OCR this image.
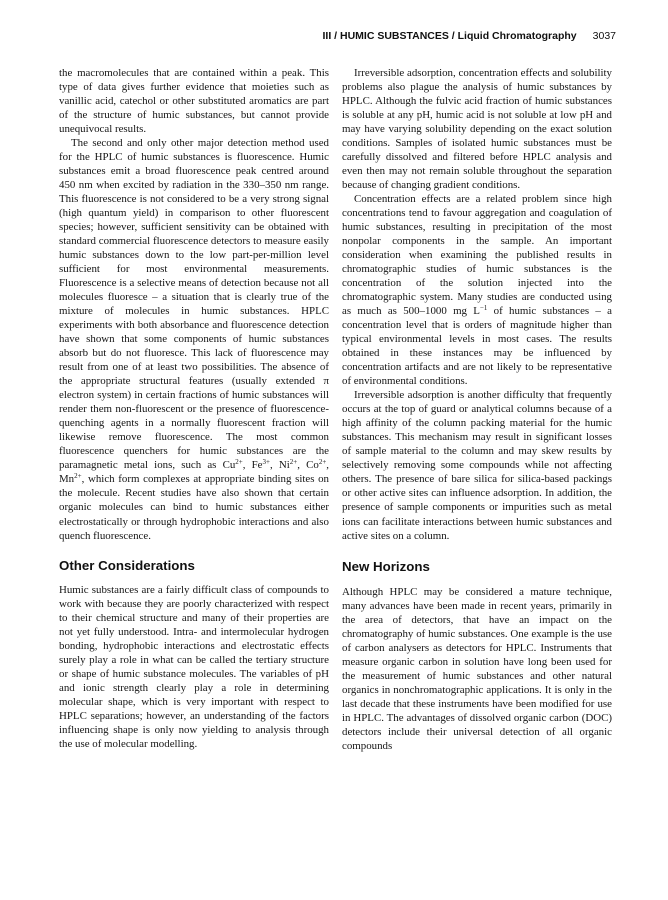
III / HUMIC SUBSTANCES / Liquid Chromatography 3037

the macromolecules that are contained within a peak. This type of data gives further evidence that moieties such as vanillic acid, catechol or other substituted aromatics are part of the structure of humic substances, but cannot provide unequivocal results.

The second and only other major detection method used for the HPLC of humic substances is fluorescence. Humic substances emit a broad fluorescence peak centred around 450 nm when excited by radiation in the 330–350 nm range. This fluorescence is not considered to be a very strong signal (high quantum yield) in comparison to other fluorescent species; however, sufficient sensitivity can be obtained with standard commercial fluorescence detectors to measure easily humic substances down to the low part-per-million level sufficient for most environmental measurements. Fluorescence is a selective means of detection because not all molecules fluoresce – a situation that is clearly true of the mixture of molecules in humic substances. HPLC experiments with both absorbance and fluorescence detection have shown that some components of humic substances absorb but do not fluoresce. This lack of fluorescence may result from one of at least two possibilities. The absence of the appropriate structural features (usually extended π electron system) in certain fractions of humic substances will render them non-fluorescent or the presence of fluorescence-quenching agents in a normally fluorescent fraction will likewise remove fluorescence. The most common fluorescence quenchers for humic substances are the paramagnetic metal ions, such as $Cu^{2+}$, $Fe^{3+}$, $Ni^{2+}$, $Co^{2+}$, $Mn^{2+}$, which form complexes at appropriate binding sites on the molecule. Recent studies have also shown that certain organic molecules can bind to humic substances either electrostatically or through hydrophobic interactions and also quench fluorescence.

Other Considerations

Humic substances are a fairly difficult class of compounds to work with because they are poorly characterized with respect to their chemical structure and many of their properties are not yet fully understood. Intra- and intermolecular hydrogen bonding, hydrophobic interactions and electrostatic effects surely play a role in what can be called the tertiary structure or shape of humic substance molecules. The variables of pH and ionic strength clearly play a role in determining molecular shape, which is very important with respect to HPLC separations; however, an understanding of the factors influencing shape is only now yielding to analysis through the use of molecular modelling.

Irreversible adsorption, concentration effects and solubility problems also plague the analysis of humic substances by HPLC. Although the fulvic acid fraction of humic substances is soluble at any pH, humic acid is not soluble at low pH and may have varying solubility depending on the exact solution conditions. Samples of isolated humic substances must be carefully dissolved and filtered before HPLC analysis and even then may not remain soluble throughout the separation because of changing gradient conditions.

Concentration effects are a related problem since high concentrations tend to favour aggregation and coagulation of humic substances, resulting in precipitation of the most nonpolar components in the sample. An important consideration when examining the published results in chromatographic studies of humic substances is the concentration of the solution injected into the chromatographic system. Many studies are conducted using as much as 500–1000 mg $L^{-1}$ of humic substances – a concentration level that is orders of magnitude higher than typical environmental levels in most cases. The results obtained in these instances may be influenced by concentration artifacts and are not likely to be representative of environmental conditions.

Irreversible adsorption is another difficulty that frequently occurs at the top of guard or analytical columns because of a high affinity of the column packing material for the humic substances. This mechanism may result in significant losses of sample material to the column and may skew results by selectively removing some compounds while not affecting others. The presence of bare silica for silica-based packings or other active sites can influence adsorption. In addition, the presence of sample components or impurities such as metal ions can facilitate interactions between humic substances and active sites on a column.

New Horizons

Although HPLC may be considered a mature technique, many advances have been made in recent years, primarily in the area of detectors, that have an impact on the chromatography of humic substances. One example is the use of carbon analysers as detectors for HPLC. Instruments that measure organic carbon in solution have long been used for the measurement of humic substances and other natural organics in nonchromatographic applications. It is only in the last decade that these instruments have been modified for use in HPLC. The advantages of dissolved organic carbon (DOC) detectors include their universal detection of all organic compounds
